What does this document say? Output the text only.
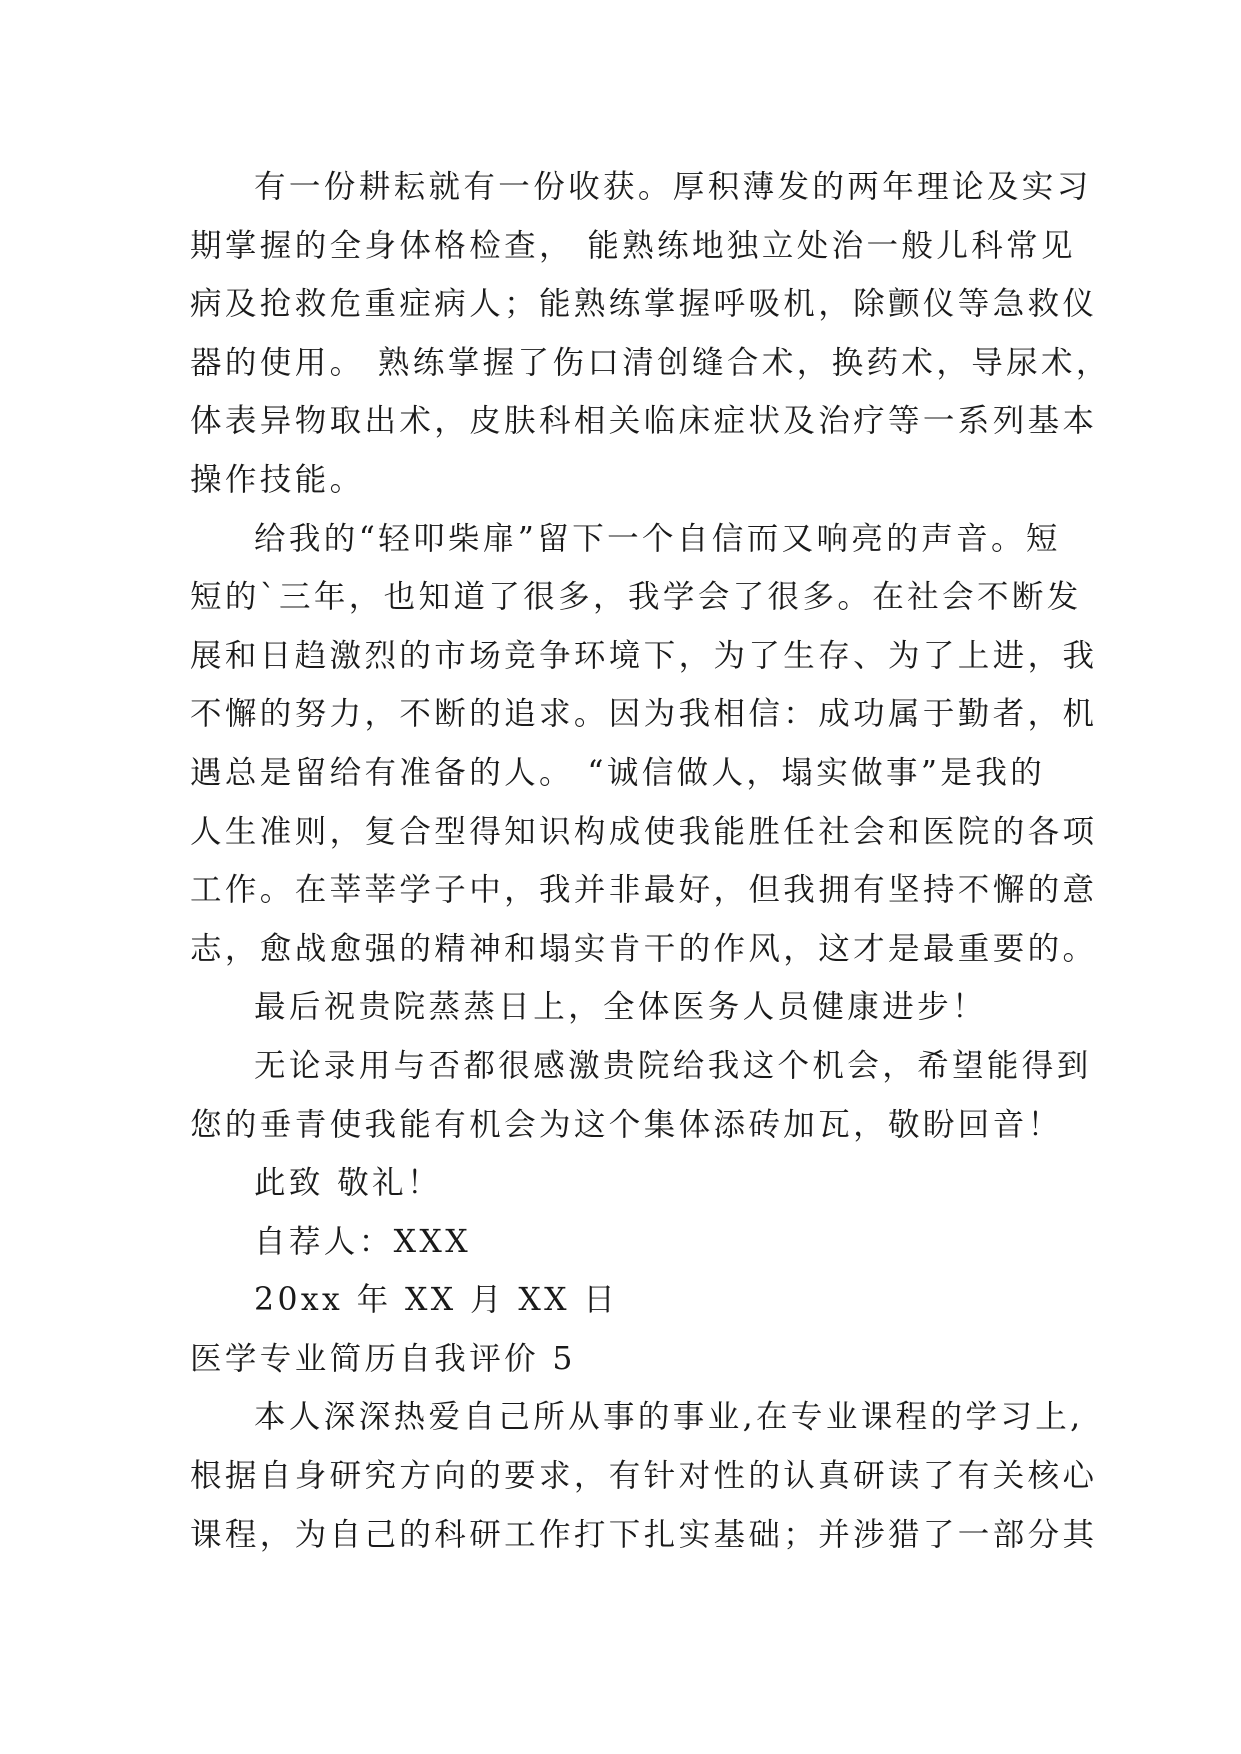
有一份耕耘就有一份收获。厚积薄发的两年理论及实习
期掌握的全身体格检查， 能熟练地独立处治一般儿科常见
病及抢救危重症病人；能熟练掌握呼吸机，除颤仪等急救仪
器的使用。 熟练掌握了伤口清创缝合术，换药术，导尿术，
体表异物取出术，皮肤科相关临床症状及治疗等一系列基本
操作技能。
给我的“轻叩柴扉”留下一个自信而又响亮的声音。短
短的`三年，也知道了很多，我学会了很多。在社会不断发
展和日趋激烈的市场竞争环境下，为了生存、为了上进，我
不懈的努力，不断的追求。因为我相信：成功属于勤者，机
遇总是留给有准备的人。 “诚信做人，塌实做事”是我的
人生准则，复合型得知识构成使我能胜任社会和医院的各项
工作。在莘莘学子中，我并非最好，但我拥有坚持不懈的意
志，愈战愈强的精神和塌实肯干的作风，这才是最重要的。
最后祝贵院蒸蒸日上，全体医务人员健康进步！
无论录用与否都很感激贵院给我这个机会，希望能得到
您的垂青使我能有机会为这个集体添砖加瓦，敬盼回音！
此致 敬礼！
自荐人：XXX
20xx 年 XX 月 XX 日
医学专业简历自我评价 5
本人深深热爱自己所从事的事业,在专业课程的学习上,
根据自身研究方向的要求，有针对性的认真研读了有关核心
课程，为自己的科研工作打下扎实基础；并涉猎了一部分其
